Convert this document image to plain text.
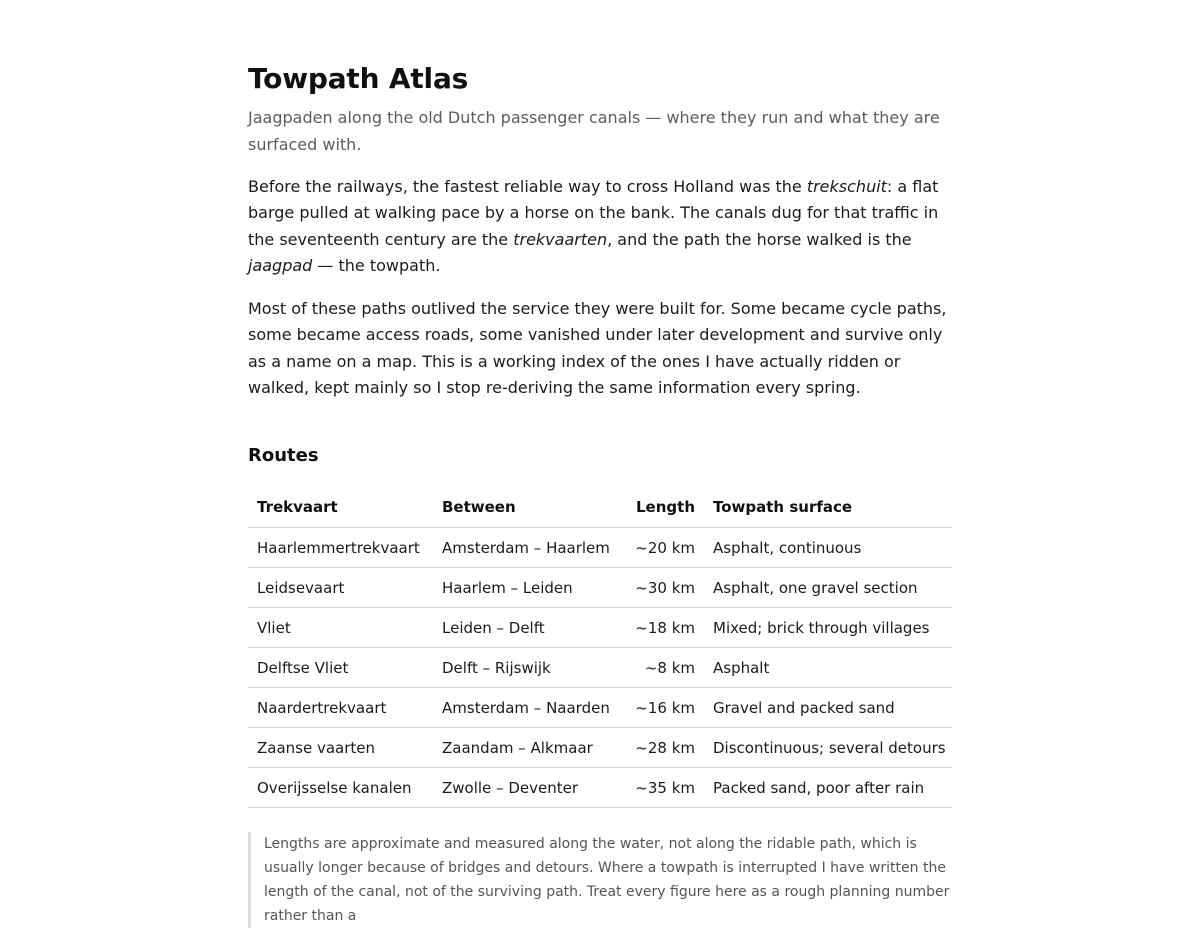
Towpath Atlas

Jaagpaden along the old Dutch passenger canals — where they run and what they are surfaced with.

Before the railways, the fastest reliable way to cross Holland was the trekschuit: a flat barge pulled at walking pace by a horse on the bank. The canals dug for that traffic in the seventeenth century are the trekvaarten, and the path the horse walked is the jaagpad — the towpath.

Most of these paths outlived the service they were built for. Some became cycle paths, some became access roads, some vanished under later development and survive only as a name on a map. This is a working index of the ones I have actually ridden or walked, kept mainly so I stop re-deriving the same information every spring.

Routes
Trekvaart	Between	Length	Towpath surface
Haarlemmertrekvaart	Amsterdam – Haarlem	~20 km	Asphalt, continuous
Leidsevaart	Haarlem – Leiden	~30 km	Asphalt, one gravel section
Vliet	Leiden – Delft	~18 km	Mixed; brick through villages
Delftse Vliet	Delft – Rijswijk	~8 km	Asphalt
Naardertrekvaart	Amsterdam – Naarden	~16 km	Gravel and packed sand
Zaanse vaarten	Zaandam – Alkmaar	~28 km	Discontinuous; several detours
Overijsselse kanalen	Zwolle – Deventer	~35 km	Packed sand, poor after rain
Lengths are approximate and measured along the water, not along the ridable path, which is usually longer because of bridges and detours. Where a towpath is interrupted I have written the length of the canal, not of the surviving path. Treat every figure here as a rough planning number rather than a
